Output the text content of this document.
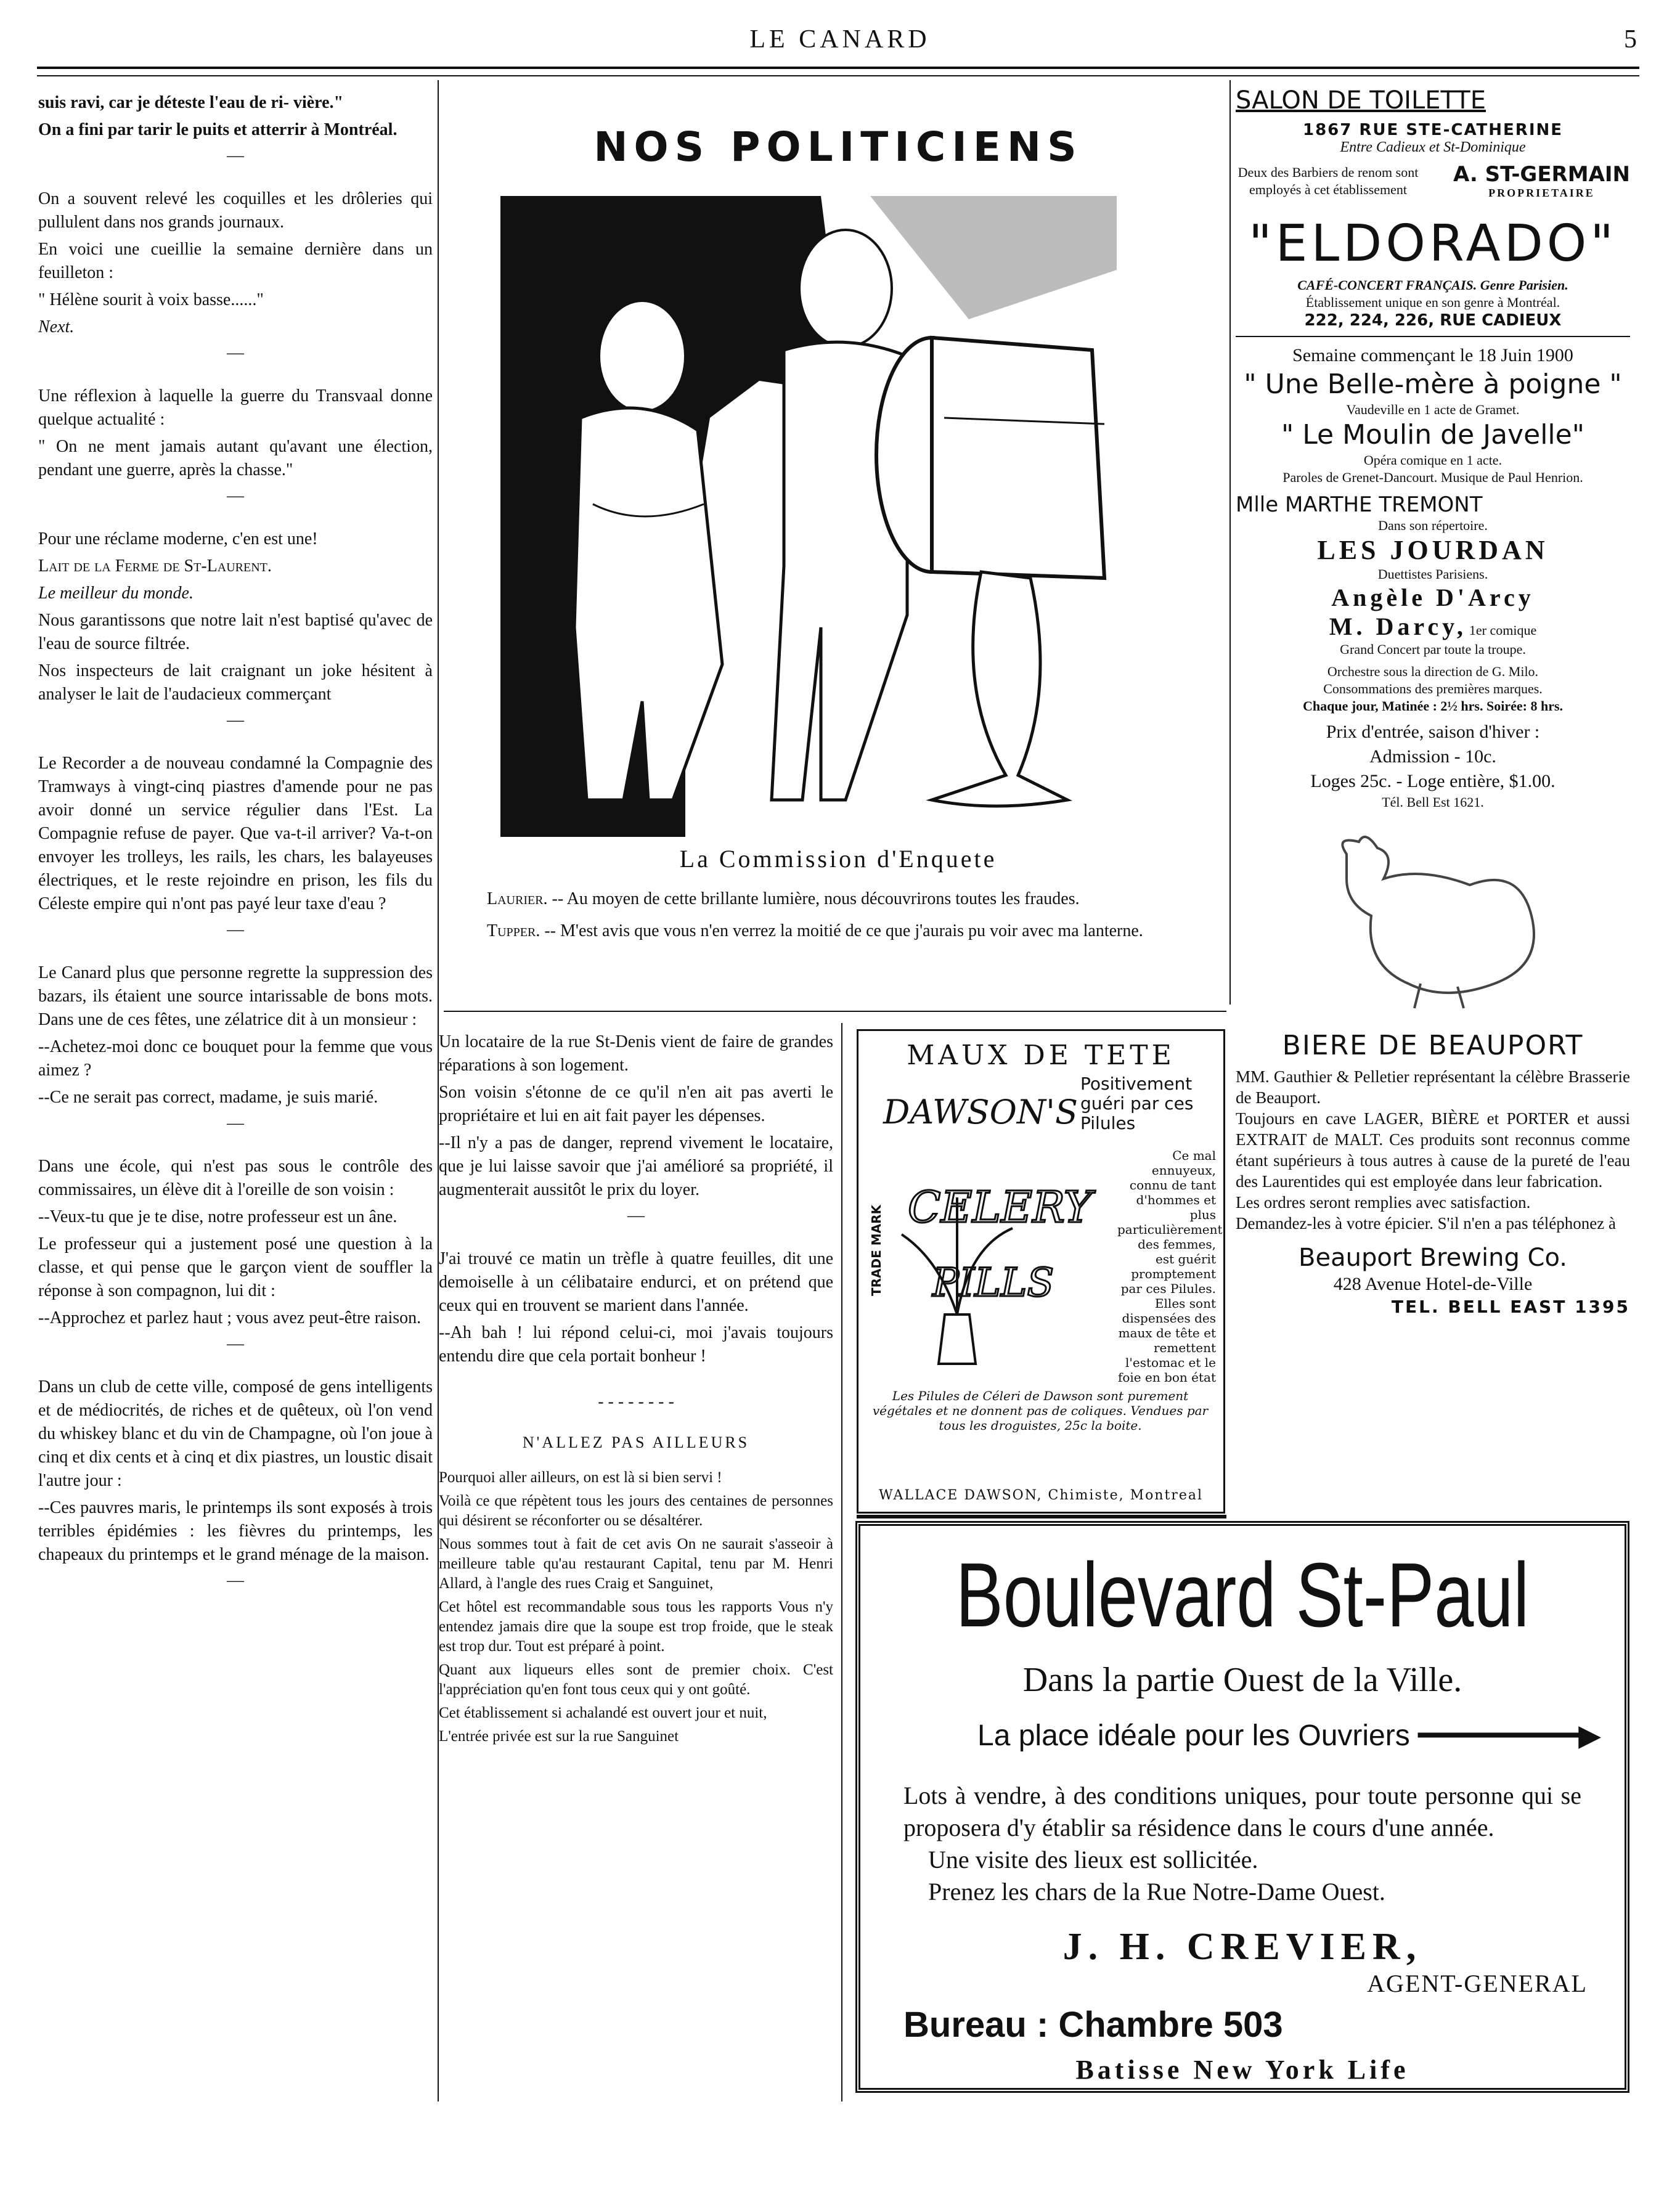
LE CANARD	5

suis ravi, car je déteste l'eau de ri- vière."

On a fini par tarir le puits et atterrir à Montréal.

—

On a souvent relevé les coquilles et les drôleries qui pullulent dans nos grands journaux.

En voici une cueillie la semaine dernière dans un feuilleton :

" Hélène sourit à voix basse......"

Next.

—

Une réflexion à laquelle la guerre du Transvaal donne quelque actualité :

" On ne ment jamais autant qu'avant une élection, pendant une guerre, après la chasse."

—

Pour une réclame moderne, c'en est une!

Lait de la Ferme de St-Laurent.

Le meilleur du monde.

Nous garantissons que notre lait n'est baptisé qu'avec de l'eau de source filtrée.

Nos inspecteurs de lait craignant un joke hésitent à analyser le lait de l'audacieux commerçant

—

Le Recorder a de nouveau condamné la Compagnie des Tramways à vingt-cinq piastres d'amende pour ne pas avoir donné un service régulier dans l'Est. La Compagnie refuse de payer. Que va-t-il arriver? Va-t-on envoyer les trolleys, les rails, les chars, les balayeuses électriques, et le reste rejoindre en prison, les fils du Céleste empire qui n'ont pas payé leur taxe d'eau ?

—

Le Canard plus que personne regrette la suppression des bazars, ils étaient une source intarissable de bons mots. Dans une de ces fêtes, une zélatrice dit à un monsieur :

--Achetez-moi donc ce bouquet pour la femme que vous aimez ?

--Ce ne serait pas correct, madame, je suis marié.

—

Dans une école, qui n'est pas sous le contrôle des commissaires, un élève dit à l'oreille de son voisin :

--Veux-tu que je te dise, notre professeur est un âne.

Le professeur qui a justement posé une question à la classe, et qui pense que le garçon vient de souffler la réponse à son compagnon, lui dit :

--Approchez et parlez haut ; vous avez peut-être raison.

—

Dans un club de cette ville, composé de gens intelligents et de médiocrités, de riches et de quêteux, où l'on vend du whiskey blanc et du vin de Champagne, où l'on joue à cinq et dix cents et à cinq et dix piastres, un loustic disait l'autre jour :

--Ces pauvres maris, le printemps ils sont exposés à trois terribles épidémies : les fièvres du printemps, les chapeaux du printemps et le grand ménage de la maison.

—
NOS POLITICIENS
La Commission d'Enquete

Laurier. -- Au moyen de cette brillante lumière, nous découvrirons toutes les fraudes.

Tupper. -- M'est avis que vous n'en verrez la moitié de ce que j'aurais pu voir avec ma lanterne.

Un locataire de la rue St-Denis vient de faire de grandes réparations à son logement.

Son voisin s'étonne de ce qu'il n'en ait pas averti le propriétaire et lui en ait fait payer les dépenses.

--Il n'y a pas de danger, reprend vivement le locataire, que je lui laisse savoir que j'ai amélioré sa propriété, il augmenterait aussitôt le prix du loyer.

—

J'ai trouvé ce matin un trèfle à quatre feuilles, dit une demoiselle à un célibataire endurci, et on prétend que ceux qui en trouvent se marient dans l'année.

--Ah bah ! lui répond celui-ci, moi j'avais toujours entendu dire que cela portait bonheur !

- - - - - - - -
N'ALLEZ PAS AILLEURS

Pourquoi aller ailleurs, on est là si bien servi !

Voilà ce que répètent tous les jours des centaines de personnes qui désirent se réconforter ou se désaltérer.

Nous sommes tout à fait de cet avis On ne saurait s'asseoir à meilleure table qu'au restaurant Capital, tenu par M. Henri Allard, à l'angle des rues Craig et Sanguinet,

Cet hôtel est recommandable sous tous les rapports Vous n'y entendez jamais dire que la soupe est trop froide, que le steak est trop dur. Tout est préparé à point.

Quant aux liqueurs elles sont de premier choix. C'est l'appréciation qu'en font tous ceux qui y ont goûté.

Cet établissement si achalandé est ouvert jour et nuit,

L'entrée privée est sur la rue Sanguinet

MAUX DE TETE
DAWSON'S
CELERY
PILLS
TRADE MARK
Positivement guéri par ces Pilules
Ce mal ennuyeux, connu de tant d'hommes et plus particulièrement des femmes, est guérit promptement par ces Pilules. Elles sont dispensées des maux de tête et remettent l'estomac et le foie en bon état
Les Pilules de Céleri de Dawson sont purement végétales et ne donnent pas de coliques. Vendues par tous les droguistes, 25c la boite.
WALLACE DAWSON, Chimiste, Montreal
SALON DE TOILETTE
1867 RUE STE-CATHERINE
Entre Cadieux et St-Dominique
Deux des Barbiers de renom sont employés à cet établissement
A. ST-GERMAIN
PROPRIETAIRE
"ELDORADO"
CAFÉ-CONCERT FRANÇAIS. Genre Parisien.
Établissement unique en son genre à Montréal.
222, 224, 226, RUE CADIEUX
Semaine commençant le 18 Juin 1900
" Une Belle-mère à poigne "
Vaudeville en 1 acte de Gramet.
" Le Moulin de Javelle"
Opéra comique en 1 acte.
Paroles de Grenet-Dancourt. Musique de Paul Henrion.
Mlle MARTHE TREMONT
Dans son répertoire.
LES JOURDAN
Duettistes Parisiens.
Angèle D'Arcy
M. Darcy, 1er comique
Grand Concert par toute la troupe.
Orchestre sous la direction de G. Milo.
Consommations des premières marques.
Chaque jour, Matinée : 2½ hrs. Soirée: 8 hrs.
Prix d'entrée, saison d'hiver :
Admission - 10c.
Loges 25c. - Loge entière, $1.00.
Tél. Bell Est 1621.
BIERE DE BEAUPORT
MM. Gauthier & Pelletier représentant la célèbre Brasserie de Beauport.
Toujours en cave LAGER, BIÈRE et PORTER et aussi EXTRAIT de MALT. Ces produits sont reconnus comme étant supérieurs à tous autres à cause de la pureté de l'eau des Laurentides qui est employée dans leur fabrication.
Les ordres seront remplies avec satisfaction.
Demandez-les à votre épicier. S'il n'en a pas téléphonez à
Beauport Brewing Co.
428 Avenue Hotel-de-Ville
TEL. BELL EAST 1395
Boulevard St-Paul
Dans la partie Ouest de la Ville.
La place idéale pour les Ouvriers ━━━━━━━━━▶
Lots à vendre, à des conditions uniques, pour toute personne qui se proposera d'y établir sa résidence dans le cours d'une année.
Une visite des lieux est sollicitée.
Prenez les chars de la Rue Notre-Dame Ouest.
J. H. CREVIER,
AGENT-GENERAL
Bureau : Chambre 503
Batisse New York Life
